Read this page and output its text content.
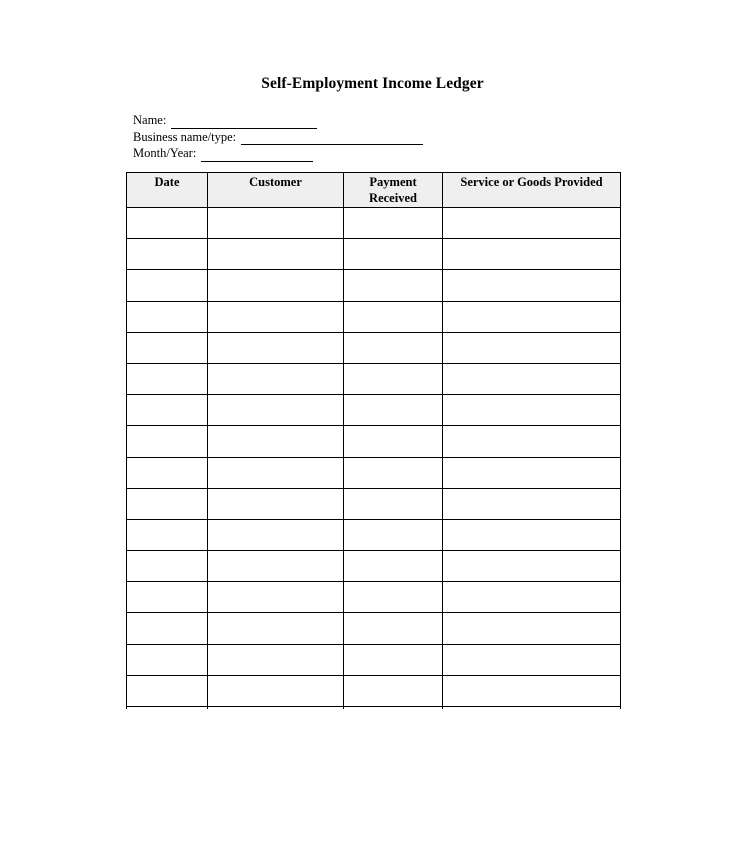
Self-Employment Income Ledger
Name:
Business name/type:
Month/Year:
Date	Customer	Payment Received	Service or Goods Provided
